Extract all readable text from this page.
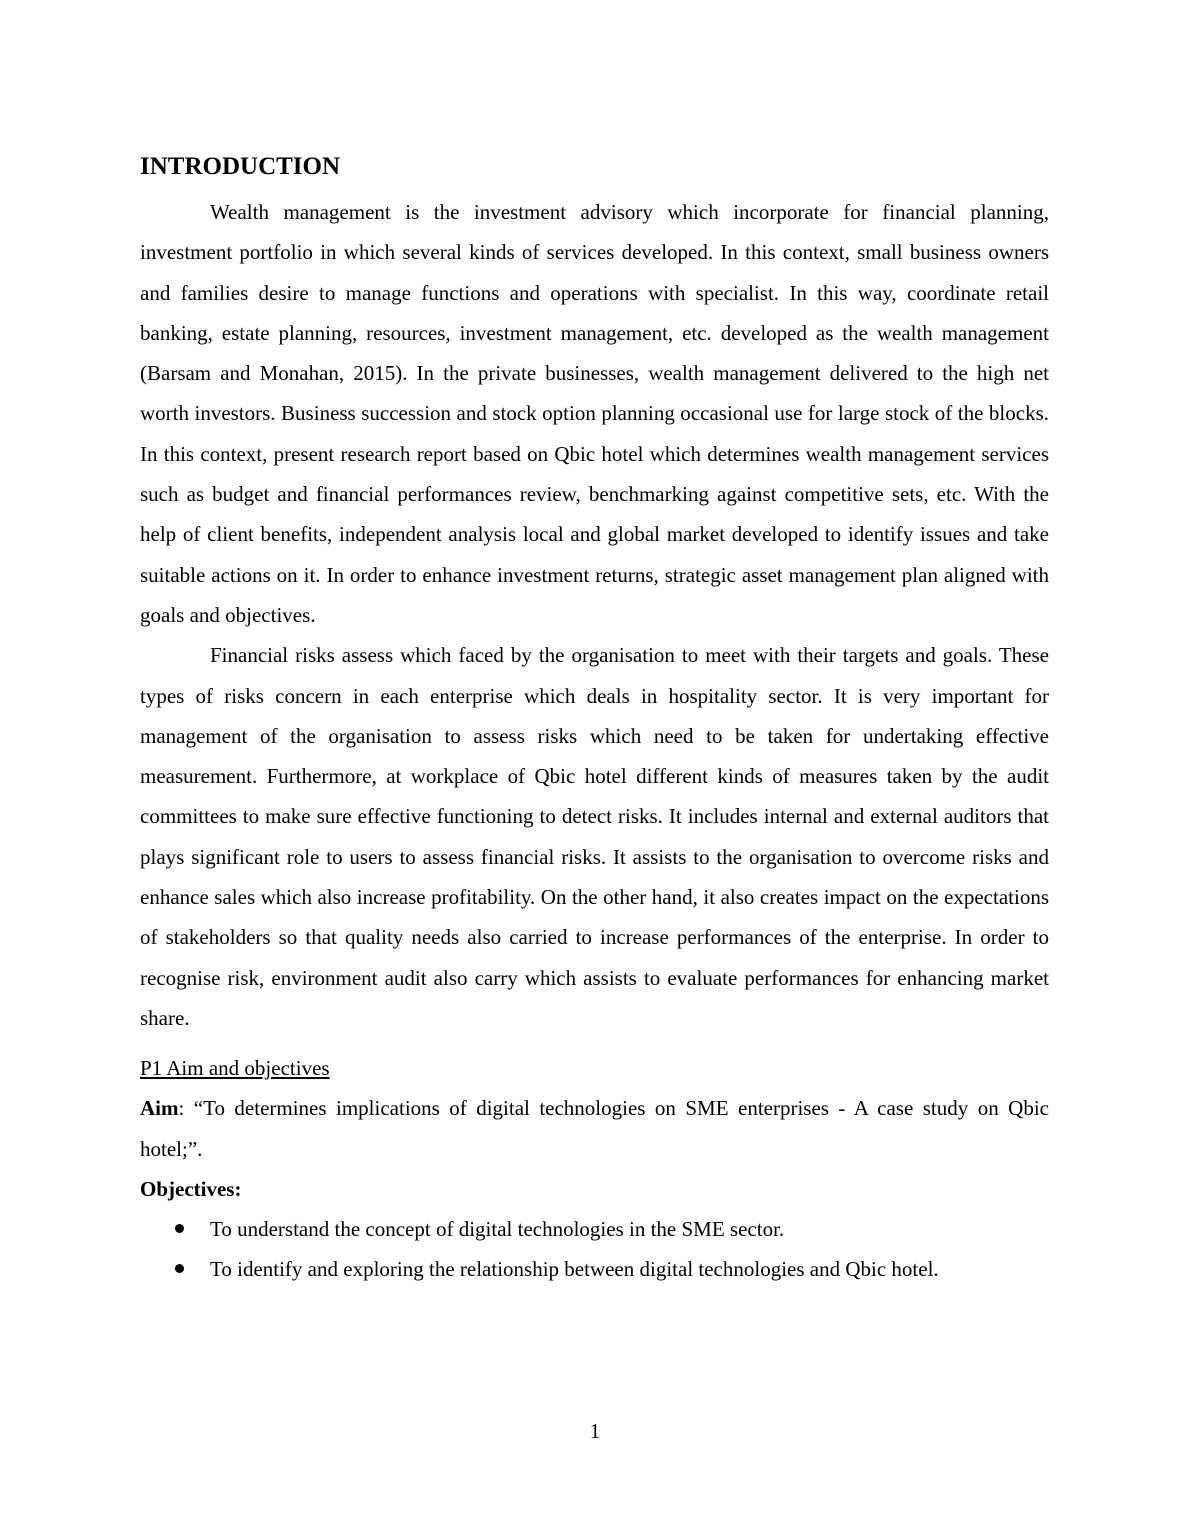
INTRODUCTION

Wealth management is the investment advisory which incorporate for financial planning, investment portfolio in which several kinds of services developed. In this context, small business owners and families desire to manage functions and operations with specialist. In this way, coordinate retail banking, estate planning, resources, investment management, etc. developed as the wealth management (Barsam and Monahan, 2015). In the private businesses, wealth management delivered to the high net worth investors. Business succession and stock option planning occasional use for large stock of the blocks. In this context, present research report based on Qbic hotel which determines wealth management services such as budget and financial performances review, benchmarking against competitive sets, etc. With the help of client benefits, independent analysis local and global market developed to identify issues and take suitable actions on it. In order to enhance investment returns, strategic asset management plan aligned with goals and objectives.

Financial risks assess which faced by the organisation to meet with their targets and goals. These types of risks concern in each enterprise which deals in hospitality sector. It is very important for management of the organisation to assess risks which need to be taken for undertaking effective measurement. Furthermore, at workplace of Qbic hotel different kinds of measures taken by the audit committees to make sure effective functioning to detect risks. It includes internal and external auditors that plays significant role to users to assess financial risks. It assists to the organisation to overcome risks and enhance sales which also increase profitability. On the other hand, it also creates impact on the expectations of stakeholders so that quality needs also carried to increase performances of the enterprise. In order to recognise risk, environment audit also carry which assists to evaluate performances for enhancing market share.

P1 Aim and objectives

Aim: “To determines implications of digital technologies on SME enterprises - A case study on Qbic hotel;”.

Objectives:
To understand the concept of digital technologies in the SME sector.
To identify and exploring the relationship between digital technologies and Qbic hotel.
1
